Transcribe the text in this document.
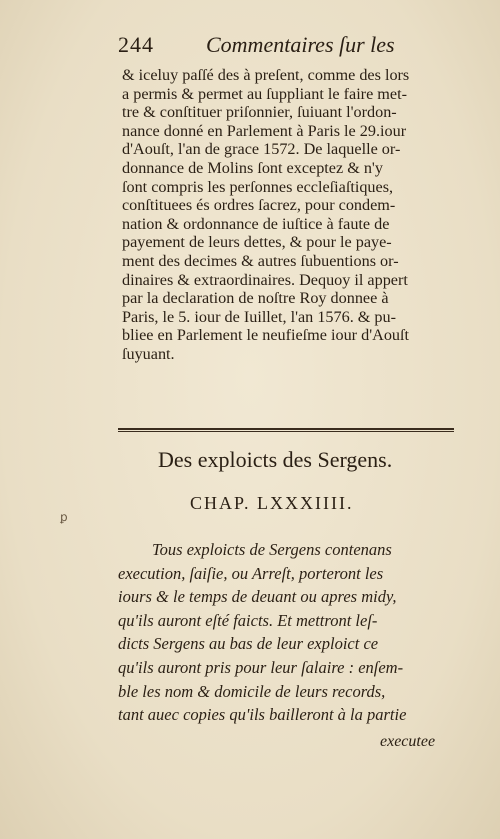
244 Commentaires ſur les
& iceluy paſſé des à preſent, comme des lors
a permis & permet au ſuppliant le faire met-
tre & conſtituer priſonnier, ſuiuant l'ordon-
nance donné en Parlement à Paris le 29.iour
d'Aouſt, l'an de grace 1572. De laquelle or-
donnance de Molins ſont exceptez & n'y
ſont compris les perſonnes eccleſiaſtiques,
conſtituees és ordres ſacrez, pour condem-
nation & ordonnance de iuſtice à faute de
payement de leurs dettes, & pour le paye-
ment des decimes & autres ſubuentions or-
dinaires & extraordinaires. Dequoy il appert
par la declaration de noſtre Roy donnee à
Paris, le 5. iour de Iuillet, l'an 1576. & pu-
bliee en Parlement le neufieſme iour d'Aouſt
ſuyuant.
Des exploicts des Sergens.
CHAP. LXXXIIII.
ꝑ
Tous exploicts de Sergens contenans
execution, ſaiſie, ou Arreſt, porteront les
iours & le temps de deuant ou apres midy,
qu'ils auront eſté faicts. Et mettront leſ-
dicts Sergens au bas de leur exploict ce
qu'ils auront pris pour leur ſalaire : enſem-
ble les nom & domicile de leurs records,
tant auec copies qu'ils bailleront à la partie
executee
